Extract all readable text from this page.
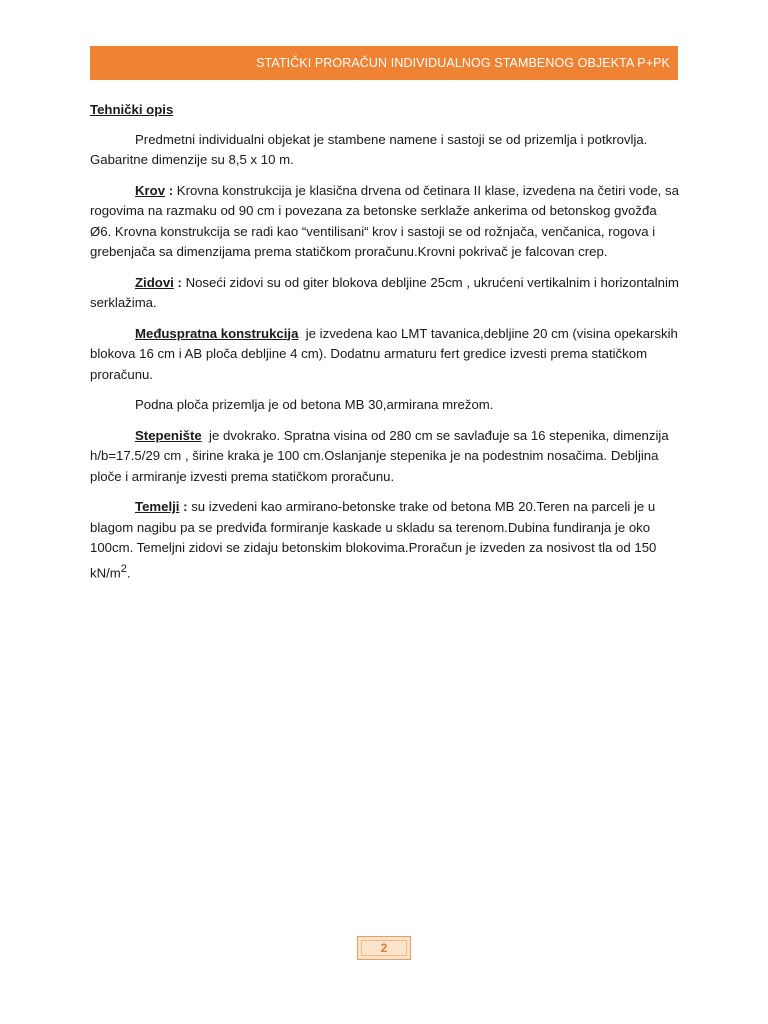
STATIČKI PRORAČUN INDIVIDUALNOG STAMBENOG OBJEKTA P+PK

Tehnički opis

Predmetni individualni objekat je stambene namene i sastoji se od prizemlja i potkrovlja. Gabaritne dimenzije su 8,5 x 10 m.

Krov : Krovna konstrukcija je klasična drvena od četinara II klase, izvedena na četiri vode, sa rogovima na razmaku od 90 cm i povezana za betonske serklaže ankerima od betonskog gvožđa Ø6. Krovna konstrukcija se radi kao “ventilisani“ krov i sastoji se od rožnjača, venčanica, rogova i grebenjača sa dimenzijama prema statičkom proračunu.Krovni pokrivač je falcovan crep.

Zidovi : Noseći zidovi su od giter blokova debljine 25cm , ukrućeni vertikalnim i horizontalnim serklažima.

Međuspratna konstrukcija je izvedena kao LMT tavanica,debljine 20 cm (visina opekarskih blokova 16 cm i AB ploča debljine 4 cm). Dodatnu armaturu fert gredice izvesti prema statičkom proračunu.

Podna ploča prizemlja je od betona MB 30,armirana mrežom.

Stepenište je dvokrako. Spratna visina od 280 cm se savlađuje sa 16 stepenika, dimenzija h/b=17.5/29 cm , širine kraka je 100 cm.Oslanjanje stepenika je na podestnim nosačima. Debljina ploče i armiranje izvesti prema statičkom proračunu.

Temelji : su izvedeni kao armirano-betonske trake od betona MB 20.Teren na parceli je u blagom nagibu pa se predviđa formiranje kaskade u skladu sa terenom.Dubina fundiranja je oko 100cm. Temeljni zidovi se zidaju betonskim blokovima.Proračun je izveden za nosivost tla od 150 $kN/m^2$.

2
